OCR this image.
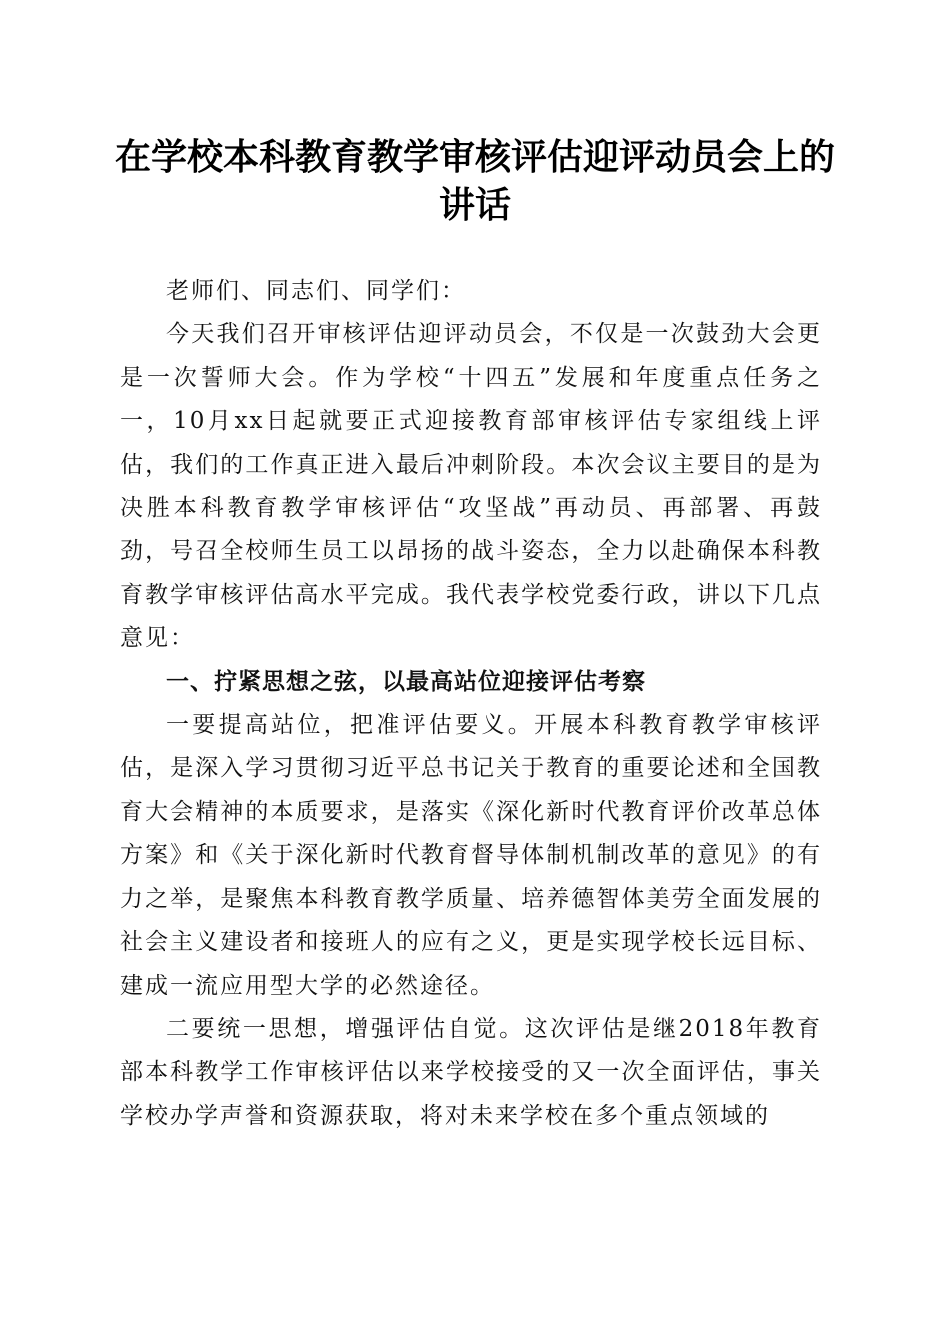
在学校本科教育教学审核评估迎评动员会上的讲话

老师们、同志们、同学们：

今天我们召开审核评估迎评动员会，不仅是一次鼓劲大会更是一次誓师大会。作为学校“十四五”发展和年度重点任务之一，10月xx日起就要正式迎接教育部审核评估专家组线上评估，我们的工作真正进入最后冲刺阶段。本次会议主要目的是为决胜本科教育教学审核评估“攻坚战”再动员、再部署、再鼓劲，号召全校师生员工以昂扬的战斗姿态，全力以赴确保本科教育教学审核评估高水平完成。我代表学校党委行政，讲以下几点意见：

一、拧紧思想之弦，以最高站位迎接评估考察

一要提高站位，把准评估要义。开展本科教育教学审核评估，是深入学习贯彻习近平总书记关于教育的重要论述和全国教育大会精神的本质要求，是落实《深化新时代教育评价改革总体方案》和《关于深化新时代教育督导体制机制改革的意见》的有力之举，是聚焦本科教育教学质量、培养德智体美劳全面发展的社会主义建设者和接班人的应有之义，更是实现学校长远目标、建成一流应用型大学的必然途径。

二要统一思想，增强评估自觉。这次评估是继2018年教育部本科教学工作审核评估以来学校接受的又一次全面评估，事关学校办学声誉和资源获取，将对未来学校在多个重点领域的
